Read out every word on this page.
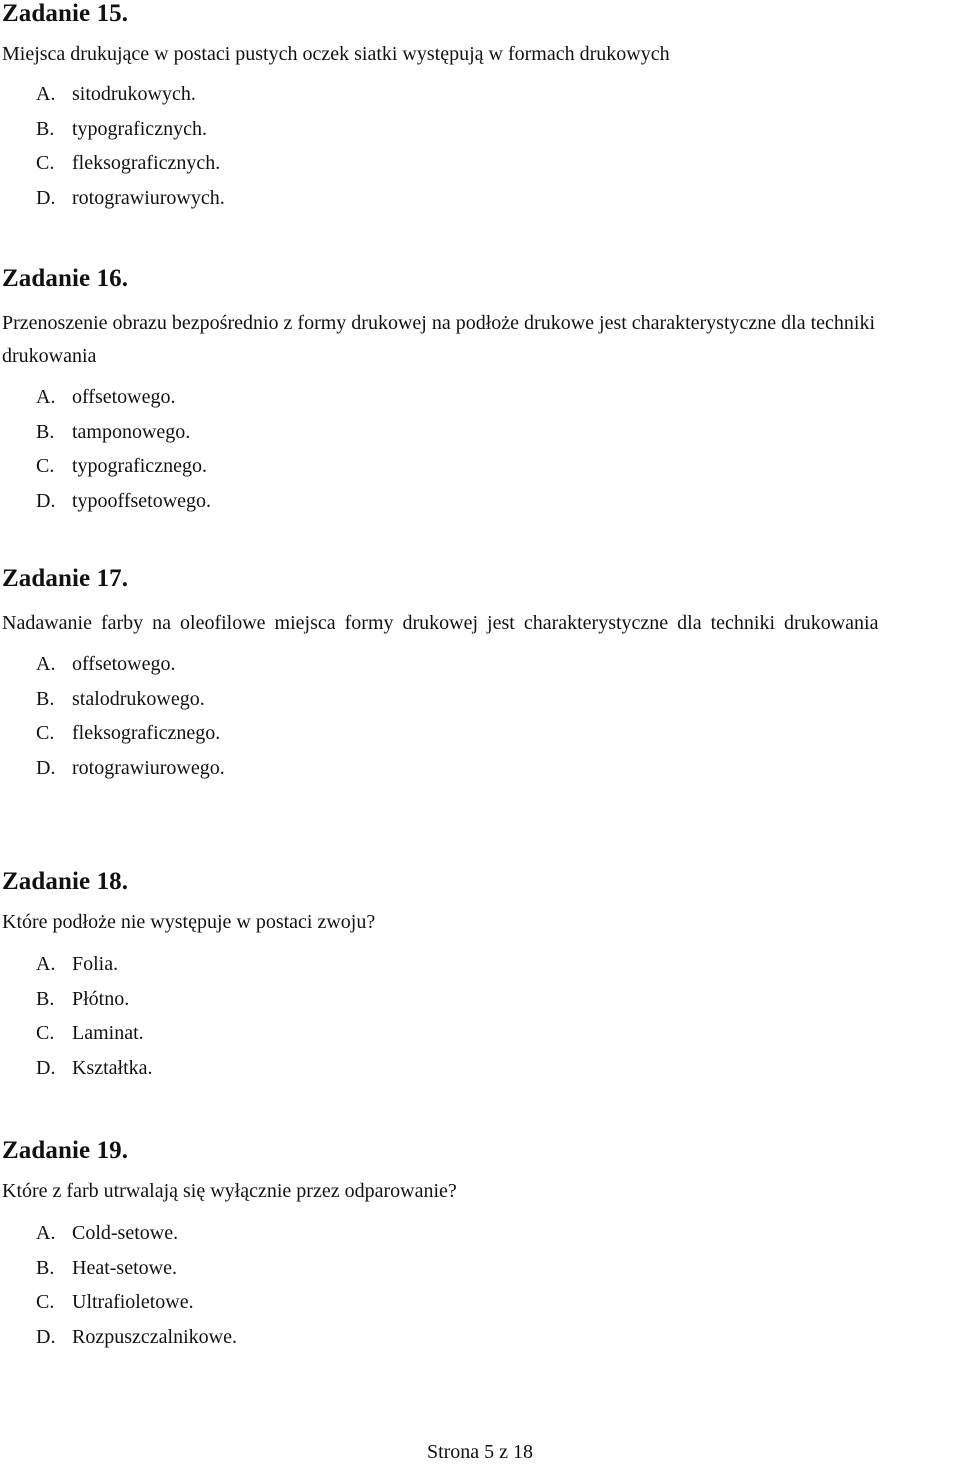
Zadanie 15.

Miejsca drukujące w postaci pustych oczek siatki występują w formach drukowych

A. sitodrukowych.
B. typograficznych.
C. fleksograficznych.
D. rotograwiurowych.
Zadanie 16.

Przenoszenie obrazu bezpośrednio z formy drukowej na podłoże drukowe jest charakterystyczne dla techniki drukowania

A. offsetowego.
B. tamponowego.
C. typograficznego.
D. typooffsetowego.
Zadanie 17.

Nadawanie farby na oleofilowe miejsca formy drukowej jest charakterystyczne dla techniki drukowania

A. offsetowego.
B. stalodrukowego.
C. fleksograficznego.
D. rotograwiurowego.
Zadanie 18.

Które podłoże nie występuje w postaci zwoju?

A. Folia.
B. Płótno.
C. Laminat.
D. Kształtka.
Zadanie 19.

Które z farb utrwalają się wyłącznie przez odparowanie?

A. Cold-setowe.
B. Heat-setowe.
C. Ultrafioletowe.
D. Rozpuszczalnikowe.
Strona 5 z 18
